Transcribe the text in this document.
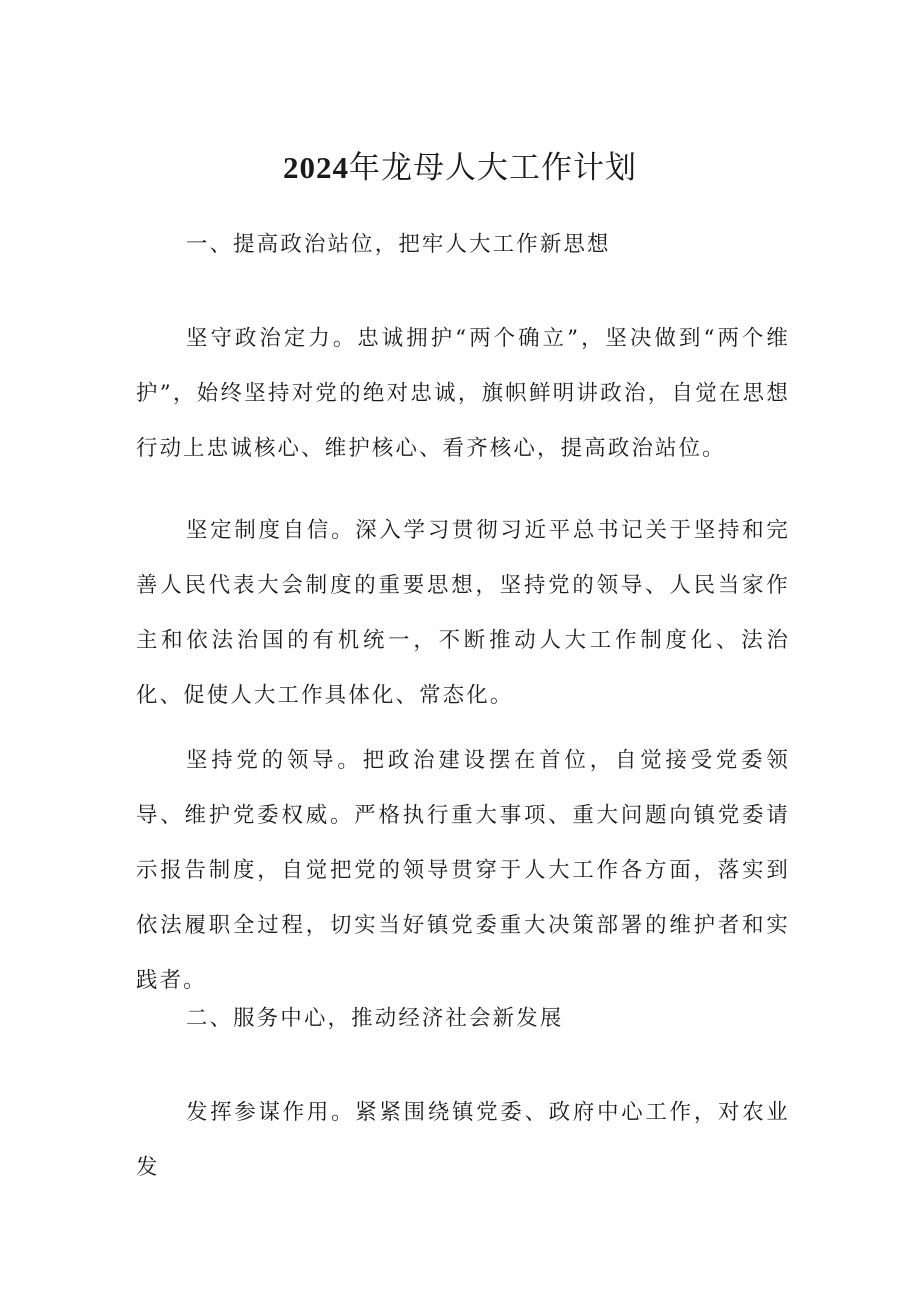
2024年龙母人大工作计划

一、提高政治站位，把牢人大工作新思想

坚守政治定力。忠诚拥护“两个确立”，坚决做到“两个维护”，始终坚持对党的绝对忠诚，旗帜鲜明讲政治，自觉在思想行动上忠诚核心、维护核心、看齐核心，提高政治站位。

坚定制度自信。深入学习贯彻习近平总书记关于坚持和完善人民代表大会制度的重要思想，坚持党的领导、人民当家作主和依法治国的有机统一，不断推动人大工作制度化、法治化、促使人大工作具体化、常态化。

坚持党的领导。把政治建设摆在首位，自觉接受党委领导、维护党委权威。严格执行重大事项、重大问题向镇党委请示报告制度，自觉把党的领导贯穿于人大工作各方面，落实到依法履职全过程，切实当好镇党委重大决策部署的维护者和实践者。

二、服务中心，推动经济社会新发展

发挥参谋作用。紧紧围绕镇党委、政府中心工作，对农业发
